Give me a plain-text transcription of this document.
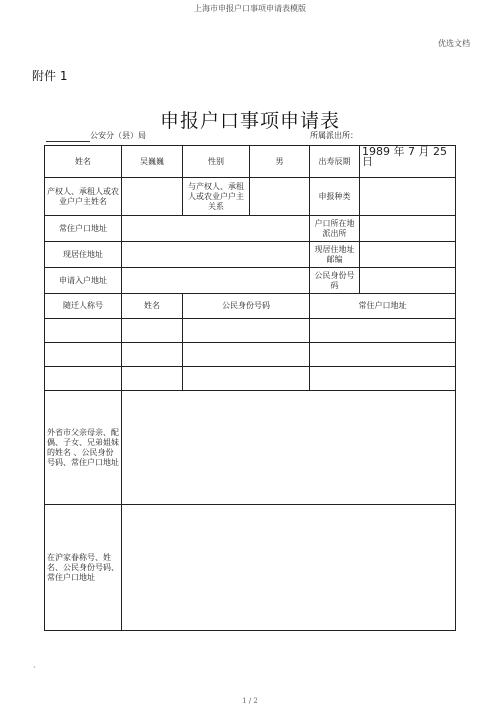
上海市申报户口事项申请表模版
优选文档
附件 1
申报户口事项申请表
公安分（县）局	所属派出所：
姓名	吴巍巍	性别	男	出寿辰期	1989 年 7 月 25 日
产权人、承租人或农业户户主姓名		与产权人、承租人或农业户户主关系		申报种类	
常住户口地址				户口所在地派出所	
现居住地址				现居住地址邮编	
申请入户地址				公民身份号码	
随迁人称号	姓名	公民身份号码		常住户口地址	

外省市父亲母亲、配偶、子女、兄弟姐妹的姓名 、公民身份号码、常住户口地址					
在沪家眷称号、姓名、公民身份号码、常住户口地址					
·
1 / 2
